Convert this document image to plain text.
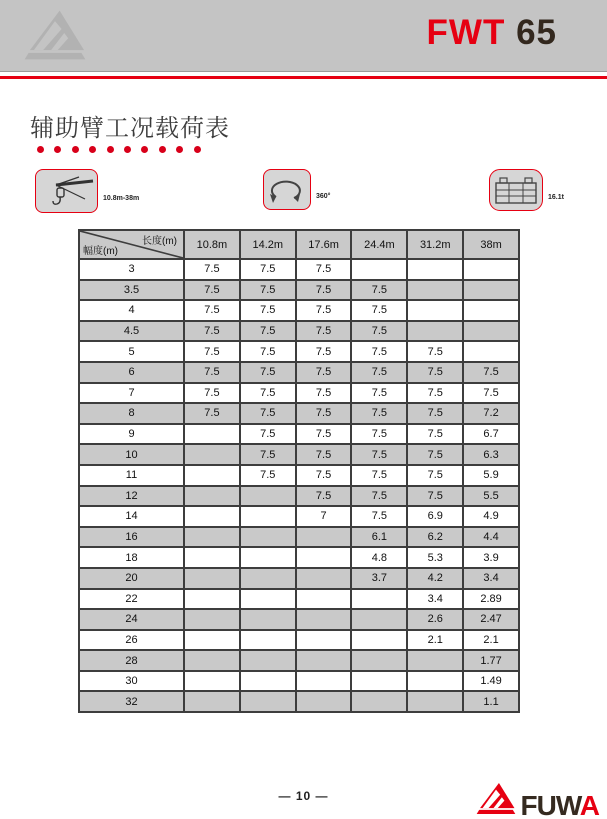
FWT 65
辅助臂工况载荷表
10.8m-38m	360°	16.1t
长度(m)
幅度(m)	10.8m	14.2m	17.6m	24.4m	31.2m	38m
3	7.5	7.5	7.5			
3.5	7.5	7.5	7.5	7.5		
4	7.5	7.5	7.5	7.5		
4.5	7.5	7.5	7.5	7.5		
5	7.5	7.5	7.5	7.5	7.5	
6	7.5	7.5	7.5	7.5	7.5	7.5
7	7.5	7.5	7.5	7.5	7.5	7.5
8	7.5	7.5	7.5	7.5	7.5	7.2
9		7.5	7.5	7.5	7.5	6.7
10		7.5	7.5	7.5	7.5	6.3
11		7.5	7.5	7.5	7.5	5.9
12			7.5	7.5	7.5	5.5
14			7	7.5	6.9	4.9
16				6.1	6.2	4.4
18				4.8	5.3	3.9
20				3.7	4.2	3.4
22					3.4	2.89
24					2.6	2.47
26					2.1	2.1
28						1.77
30						1.49
32						1.1
— 10 —	FUWA
